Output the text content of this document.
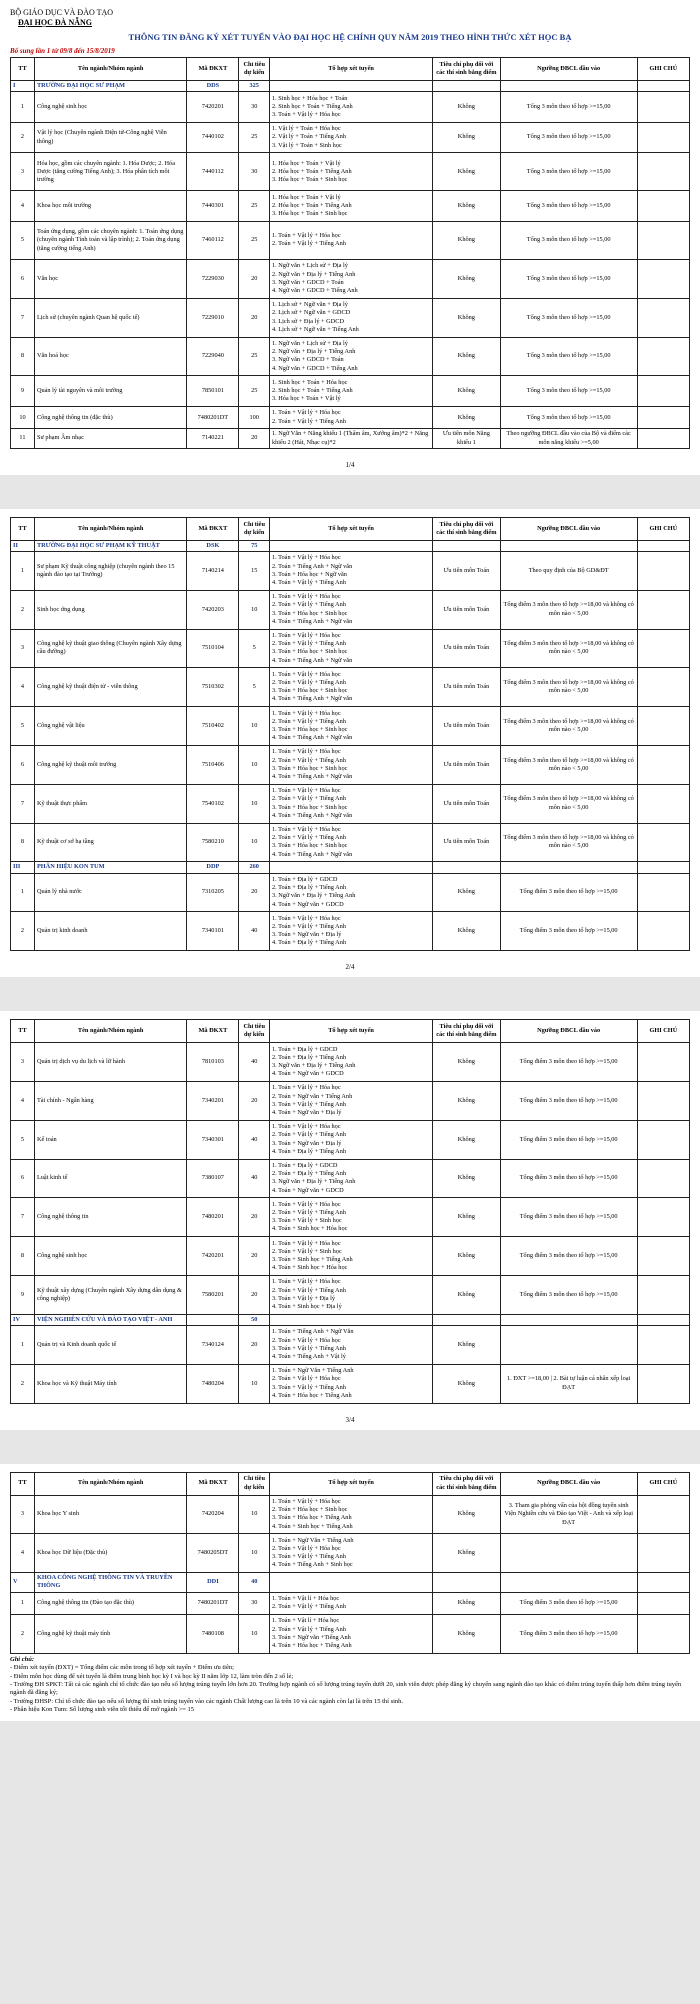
BỘ GIÁO DỤC VÀ ĐÀO TẠO
ĐẠI HỌC ĐÀ NẴNG
THÔNG TIN ĐĂNG KÝ XÉT TUYỂN VÀO ĐẠI HỌC HỆ CHÍNH QUY NĂM 2019 THEO HÌNH THỨC XÉT HỌC BẠ
Bổ sung lần 1 từ 09/8 đến 15/8/2019
TT	Tên ngành/Nhóm ngành	Mã ĐKXT	Chỉ tiêu dự kiến	Tổ hợp xét tuyển	Tiêu chí phụ đối với các thí sinh bằng điểm	Ngưỡng ĐBCL đầu vào	GHI CHÚ
I	TRƯỜNG ĐẠI HỌC SƯ PHẠM	DDS	325				
1	Công nghệ sinh học	7420201	30	1. Sinh học + Hóa học + Toán
2. Sinh học + Toán + Tiếng Anh
3. Toán + Vật lý + Hóa học	Không	Tổng 3 môn theo tổ hợp >=15,00	
2	Vật lý học (Chuyên ngành Điện tử-Công nghệ Viễn thông)	7440102	25	1. Vật lý + Toán + Hóa học
2. Vật lý + Toán + Tiếng Anh
3. Vật lý + Toán + Sinh học	Không	Tổng 3 môn theo tổ hợp >=15,00	
3	Hóa học, gồm các chuyên ngành: 1. Hóa Dược; 2. Hóa Dược (tăng cường Tiếng Anh); 3. Hóa phân tích môi trường	7440112	30	1. Hóa học + Toán + Vật lý
2. Hóa học + Toán + Tiếng Anh
3. Hóa học + Toán + Sinh học	Không	Tổng 3 môn theo tổ hợp >=15,00	
4	Khoa học môi trường	7440301	25	1. Hóa học + Toán + Vật lý
2. Hóa học + Toán + Tiếng Anh
3. Hóa học + Toán + Sinh học	Không	Tổng 3 môn theo tổ hợp >=15,00	
5	Toán ứng dụng, gồm các chuyên ngành: 1. Toán ứng dụng (chuyên ngành Tính toán và lập trình); 2. Toán ứng dụng (tăng cường tiếng Anh)	7460112	25	1. Toán + Vật lý + Hóa học
2. Toán + Vật lý + Tiếng Anh	Không	Tổng 3 môn theo tổ hợp >=15,00	
6	Văn học	7229030	20	1. Ngữ văn + Lịch sử + Địa lý
2. Ngữ văn + Địa lý + Tiếng Anh
3. Ngữ văn + GDCD + Toán
4. Ngữ văn + GDCD + Tiếng Anh	Không	Tổng 3 môn theo tổ hợp >=15,00	
7	Lịch sử (chuyên ngành Quan hệ quốc tế)	7229010	20	1. Lịch sử + Ngữ văn + Địa lý
2. Lịch sử + Ngữ văn + GDCD
3. Lịch sử + Địa lý + GDCD
4. Lịch sử + Ngữ văn + Tiếng Anh	Không	Tổng 3 môn theo tổ hợp >=15,00	
8	Văn hoá học	7229040	25	1. Ngữ văn + Lịch sử + Địa lý
2. Ngữ văn + Địa lý + Tiếng Anh
3. Ngữ văn + GDCD + Toán
4. Ngữ văn + GDCD + Tiếng Anh	Không	Tổng 3 môn theo tổ hợp >=15,00	
9	Quản lý tài nguyên và môi trường	7850101	25	1. Sinh học + Toán + Hóa học
2. Sinh học + Toán + Tiếng Anh
3. Hóa học + Toán + Vật lý	Không	Tổng 3 môn theo tổ hợp >=15,00	
10	Công nghệ thông tin (đặc thù)	7480201DT	100	1. Toán + Vật lý + Hóa học
2. Toán + Vật lý + Tiếng Anh	Không	Tổng 3 môn theo tổ hợp >=15,00	
11	Sư phạm Âm nhạc	7140221	20	1. Ngữ Văn + Năng khiếu 1 (Thẩm âm, Xướng âm)*2 + Năng khiếu 2 (Hát, Nhạc cụ)*2	Ưu tiên môn Năng khiếu 1	Theo ngưỡng ĐBCL đầu vào của Bộ và điểm các môn năng khiếu >=5,00	
1/4
TT	Tên ngành/Nhóm ngành	Mã ĐKXT	Chỉ tiêu dự kiến	Tổ hợp xét tuyển	Tiêu chí phụ đối với các thí sinh bằng điểm	Ngưỡng ĐBCL đầu vào	GHI CHÚ
II	TRƯỜNG ĐẠI HỌC SƯ PHẠM KỸ THUẬT	DSK	75				
1	Sư phạm Kỹ thuật công nghiệp (chuyên ngành theo 15 ngành đào tạo tại Trường)	7140214	15	1. Toán + Vật lý + Hóa học
2. Toán + Tiếng Anh + Ngữ văn
3. Toán + Hóa học + Ngữ văn
4. Toán + Vật lý + Tiếng Anh	Ưu tiên môn Toán	Theo quy định của Bộ GD&ĐT	
2	Sinh học ứng dụng	7420203	10	1. Toán + Vật lý + Hóa học
2. Toán + Vật lý + Tiếng Anh
3. Toán + Hóa học + Sinh học
4. Toán + Tiếng Anh + Ngữ văn	Ưu tiên môn Toán	Tổng điểm 3 môn theo tổ hợp >=18,00 và không có môn nào < 5,00	
3	Công nghệ kỹ thuật giao thông (Chuyên ngành Xây dựng cầu đường)	7510104	5	1. Toán + Vật lý + Hóa học
2. Toán + Vật lý + Tiếng Anh
3. Toán + Hóa học + Sinh học
4. Toán + Tiếng Anh + Ngữ văn	Ưu tiên môn Toán	Tổng điểm 3 môn theo tổ hợp >=18,00 và không có môn nào < 5,00	
4	Công nghệ kỹ thuật điện tử - viễn thông	7510302	5	1. Toán + Vật lý + Hóa học
2. Toán + Vật lý + Tiếng Anh
3. Toán + Hóa học + Sinh học
4. Toán + Tiếng Anh + Ngữ văn	Ưu tiên môn Toán	Tổng điểm 3 môn theo tổ hợp >=18,00 và không có môn nào < 5,00	
5	Công nghệ vật liệu	7510402	10	1. Toán + Vật lý + Hóa học
2. Toán + Vật lý + Tiếng Anh
3. Toán + Hóa học + Sinh học
4. Toán + Tiếng Anh + Ngữ văn	Ưu tiên môn Toán	Tổng điểm 3 môn theo tổ hợp >=18,00 và không có môn nào < 5,00	
6	Công nghệ kỹ thuật môi trường	7510406	10	1. Toán + Vật lý + Hóa học
2. Toán + Vật lý + Tiếng Anh
3. Toán + Hóa học + Sinh học
4. Toán + Tiếng Anh + Ngữ văn	Ưu tiên môn Toán	Tổng điểm 3 môn theo tổ hợp >=18,00 và không có môn nào < 5,00	
7	Kỹ thuật thực phẩm	7540102	10	1. Toán + Vật lý + Hóa học
2. Toán + Vật lý + Tiếng Anh
3. Toán + Hóa học + Sinh học
4. Toán + Tiếng Anh + Ngữ văn	Ưu tiên môn Toán	Tổng điểm 3 môn theo tổ hợp >=18,00 và không có môn nào < 5,00	
8	Kỹ thuật cơ sở hạ tầng	7580210	10	1. Toán + Vật lý + Hóa học
2. Toán + Vật lý + Tiếng Anh
3. Toán + Hóa học + Sinh học
4. Toán + Tiếng Anh + Ngữ văn	Ưu tiên môn Toán	Tổng điểm 3 môn theo tổ hợp >=18,00 và không có môn nào < 5,00	
III	PHÂN HIỆU KON TUM	DDP	260				
1	Quản lý nhà nước	7310205	20	1. Toán + Địa lý + GDCD
2. Toán + Địa lý + Tiếng Anh
3. Ngữ văn + Địa lý + Tiếng Anh
4. Toán + Ngữ văn + GDCD	Không	Tổng điểm 3 môn theo tổ hợp >=15,00	
2	Quản trị kinh doanh	7340101	40	1. Toán + Vật lý + Hóa học
2. Toán + Vật lý + Tiếng Anh
3. Toán + Ngữ văn + Địa lý
4. Toán + Địa lý + Tiếng Anh	Không	Tổng điểm 3 môn theo tổ hợp >=15,00	
2/4
TT	Tên ngành/Nhóm ngành	Mã ĐKXT	Chỉ tiêu dự kiến	Tổ hợp xét tuyển	Tiêu chí phụ đối với các thí sinh bằng điểm	Ngưỡng ĐBCL đầu vào	GHI CHÚ
3	Quản trị dịch vụ du lịch và lữ hành	7810103	40	1. Toán + Địa lý + GDCD
2. Toán + Địa lý + Tiếng Anh
3. Ngữ văn + Địa lý + Tiếng Anh
4. Toán + Ngữ văn + GDCD	Không	Tổng điểm 3 môn theo tổ hợp >=15,00	
4	Tài chính - Ngân hàng	7340201	20	1. Toán + Vật lý + Hóa học
2. Toán + Ngữ văn + Tiếng Anh
3. Toán + Vật lý + Tiếng Anh
4. Toán + Ngữ văn + Địa lý	Không	Tổng điểm 3 môn theo tổ hợp >=15,00	
5	Kế toán	7340301	40	1. Toán + Vật lý + Hóa học
2. Toán + Vật lý + Tiếng Anh
3. Toán + Ngữ văn + Địa lý
4. Toán + Địa lý + Tiếng Anh	Không	Tổng điểm 3 môn theo tổ hợp >=15,00	
6	Luật kinh tế	7380107	40	1. Toán + Địa lý + GDCD
2. Toán + Địa lý + Tiếng Anh
3. Ngữ văn + Địa lý + Tiếng Anh
4. Toán + Ngữ văn + GDCD	Không	Tổng điểm 3 môn theo tổ hợp >=15,00	
7	Công nghệ thông tin	7480201	20	1. Toán + Vật lý + Hóa học
2. Toán + Vật lý + Tiếng Anh
3. Toán + Vật lý + Sinh học
4. Toán + Sinh học + Hóa học	Không	Tổng điểm 3 môn theo tổ hợp >=15,00	
8	Công nghệ sinh học	7420201	20	1. Toán + Vật lý + Hóa học
2. Toán + Vật lý + Sinh học
3. Toán + Sinh học + Tiếng Anh
4. Toán + Sinh học + Hóa học	Không	Tổng điểm 3 môn theo tổ hợp >=15,00	
9	Kỹ thuật xây dựng (Chuyên ngành Xây dựng dân dụng & công nghiệp)	7580201	20	1. Toán + Vật lý + Hóa học
2. Toán + Vật lý + Tiếng Anh
3. Toán + Vật lý + Địa lý
4. Toán + Sinh học + Địa lý	Không	Tổng điểm 3 môn theo tổ hợp >=15,00	
IV	VIỆN NGHIÊN CỨU VÀ ĐÀO TẠO VIỆT - ANH		50				
1	Quản trị và Kinh doanh quốc tế	7340124	20	1. Toán + Tiếng Anh + Ngữ Văn
2. Toán + Vật lý + Hóa học
3. Toán + Vật lý + Tiếng Anh
4. Toán + Tiếng Anh + Vật lý	Không		
2	Khoa học và Kỹ thuật Máy tính	7480204	10	1. Toán + Ngữ Văn + Tiếng Anh
2. Toán + Vật lý + Hóa học
3. Toán + Vật lý + Tiếng Anh
4. Toán + Hóa học + Tiếng Anh	Không	1. ĐXT >=18,00 | 2. Bài tự luận cá nhân xếp loại ĐẠT	
3/4
TT	Tên ngành/Nhóm ngành	Mã ĐKXT	Chỉ tiêu dự kiến	Tổ hợp xét tuyển	Tiêu chí phụ đối với các thí sinh bằng điểm	Ngưỡng ĐBCL đầu vào	GHI CHÚ
3	Khoa học Y sinh	7420204	10	1. Toán + Vật lý + Hóa học
2. Toán + Hóa học + Sinh học
3. Toán + Hóa học + Tiếng Anh
4. Toán + Sinh học + Tiếng Anh	Không	3. Tham gia phỏng vấn của hội đồng tuyển sinh Viện Nghiên cứu và Đào tạo Việt - Anh và xếp loại ĐẠT	
4	Khoa học Dữ liệu (Đặc thù)	7480205DT	10	1. Toán + Ngữ Văn + Tiếng Anh
2. Toán + Vật lý + Hóa học
3. Toán + Vật lý + Tiếng Anh
4. Toán + Tiếng Anh + Sinh học	Không		
V	KHOA CÔNG NGHỆ THÔNG TIN VÀ TRUYỀN THÔNG	DDI	40				
1	Công nghệ thông tin (Đào tạo đặc thù)	7480201DT	30	1. Toán + Vật lí + Hóa học
2. Toán + Vật lý + Tiếng Anh	Không	Tổng điểm 3 môn theo tổ hợp >=15,00	
2	Công nghệ kỹ thuật máy tính	7480108	10	1. Toán + Vật lí + Hóa học
2. Toán + Vật lý + Tiếng Anh
3. Toán + Ngữ văn +Tiếng Anh
4. Toán + Hóa học + Tiếng Anh	Không	Tổng điểm 3 môn theo tổ hợp >=15,00	
Ghi chú:
- Điểm xét tuyển (ĐXT) = Tổng điểm các môn trong tổ hợp xét tuyển + Điểm ưu tiên;
- Điểm môn học dùng để xét tuyển là điểm trung bình học kỳ I và học kỳ II năm lớp 12, làm tròn đến 2 số lẻ;
- Trường ĐH SPKT: Tất cả các ngành chỉ tổ chức đào tạo nếu số lượng trúng tuyển lớn hơn 20. Trường hợp ngành có số lượng trúng tuyển dưới 20, sinh viên được phép đăng ký chuyển sang ngành đào tạo khác có điểm trúng tuyển thấp hơn điểm trúng tuyển ngành đã đăng ký;
- Trường ĐHSP: Chỉ tổ chức đào tạo nếu số lượng thí sinh trúng tuyển vào các ngành Chất lượng cao là trên 10 và các ngành còn lại là trên 15 thí sinh.
- Phân hiệu Kon Tum: Số lượng sinh viên tối thiểu để mở ngành >= 15
